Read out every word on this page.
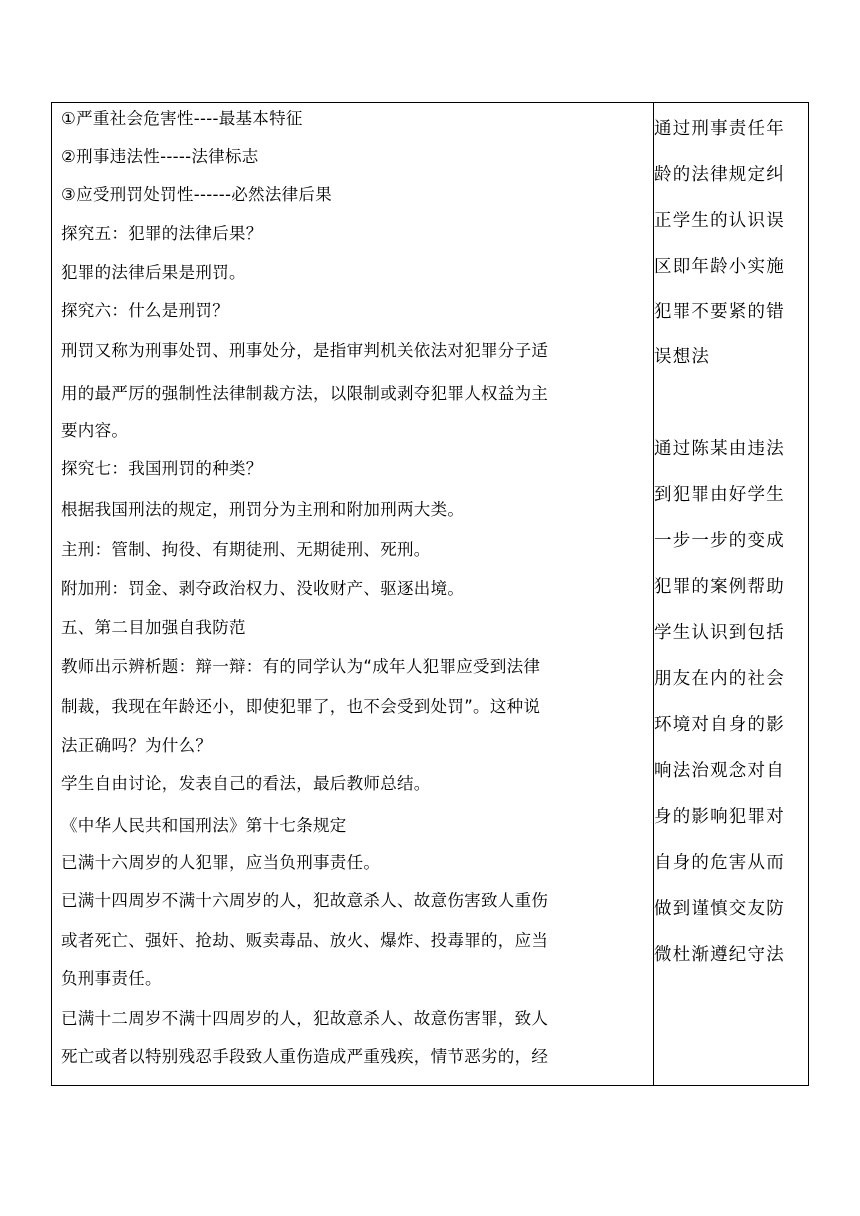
①严重社会危害性----最基本特征
②刑事违法性-----法律标志
③应受刑罚处罚性------必然法律后果
探究五：犯罪的法律后果？
犯罪的法律后果是刑罚。
探究六：什么是刑罚？
刑罚又称为刑事处罚、刑事处分，是指审判机关依法对犯罪分子适
用的最严厉的强制性法律制裁方法，以限制或剥夺犯罪人权益为主
要内容。
探究七：我国刑罚的种类？
根据我国刑法的规定，刑罚分为主刑和附加刑两大类。
主刑：管制、拘役、有期徒刑、无期徒刑、死刑。
附加刑：罚金、剥夺政治权力、没收财产、驱逐出境。
五、第二目加强自我防范
教师出示辨析题：辩一辩：有的同学认为“成年人犯罪应受到法律
制裁，我现在年龄还小，即使犯罪了，也不会受到处罚”。这种说
法正确吗？为什么？
学生自由讨论，发表自己的看法，最后教师总结。
《中华人民共和国刑法》第十七条规定
已满十六周岁的人犯罪，应当负刑事责任。
已满十四周岁不满十六周岁的人，犯故意杀人、故意伤害致人重伤
或者死亡、强奸、抢劫、贩卖毒品、放火、爆炸、投毒罪的，应当
负刑事责任。
已满十二周岁不满十四周岁的人，犯故意杀人、故意伤害罪，致人
死亡或者以特别残忍手段致人重伤造成严重残疾，情节恶劣的，经
通过刑事责任年
龄的法律规定纠
正学生的认识误
区即年龄小实施
犯罪不要紧的错
误想法
通过陈某由违法
到犯罪由好学生
一步一步的变成
犯罪的案例帮助
学生认识到包括
朋友在内的社会
环境对自身的影
响法治观念对自
身的影响犯罪对
自身的危害从而
做到谨慎交友防
微杜渐遵纪守法
